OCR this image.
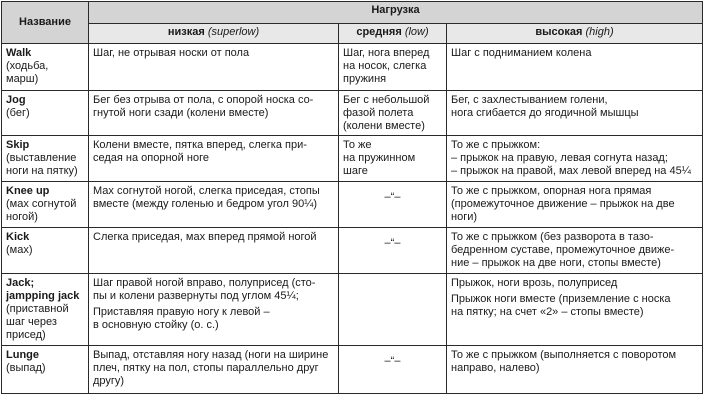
Название	Нагрузка		
	низкая (superlow)	средняя (low)	высокая (high)

Walk
(ходьба,
марш)	Шаг, не отрывая носки от пола	Шаг, нога вперед
на носок, слегка
пружиня	Шаг с подниманием колена

Jog
(бег)	Бег без отрыва от пола, с опорой носка со-
гнутой ноги сзади (колени вместе)	Бег с небольшой
фазой полета
(колени вместе)	Бег, с захлестыванием голени,
нога сгибается до ягодичной мышцы

Skip
(выставление
ноги на пятку)	Колени вместе, пятка вперед, слегка при-
седая на опорной ноге	То же
на пружинном
шаге	То же с прыжком:
– прыжок на правую, левая согнута назад;
– прыжок на правой, мах левой вперед на 45¼

Knee up
(мах согнутой
ногой)	Мах согнутой ногой, слегка приседая, стопы
вместе (между голенью и бедром угол 90¼)	–“–	То же с прыжком, опорная нога прямая
(промежуточное движение – прыжок на две
ноги)

Kick
(мах)	Слегка приседая, мах вперед прямой ногой	–“–	То же с прыжком (без разворота в тазо-
бедренном суставе, промежуточное движе-
ние – прыжок на две ноги, стопы вместе)

Jack;
jampping jack
(приставной
шаг через
присед)	Шаг правой ногой вправо, полуприсед (сто-
пы и колени развернуты под углом 45¼;
Приставляя правую ногу к левой –
в основную стойку (о. с.)		Прыжок, ноги врозь, полуприсед
Прыжок ноги вместе (приземление с носка
на пятку; на счет «2» – стопы вместе)

Lunge
(выпад)	Выпад, отставляя ногу назад (ноги на ширине
плеч, пятку на пол, стопы параллельно друг
другу)	–“–	То же с прыжком (выполняется с поворотом
направо, налево)
